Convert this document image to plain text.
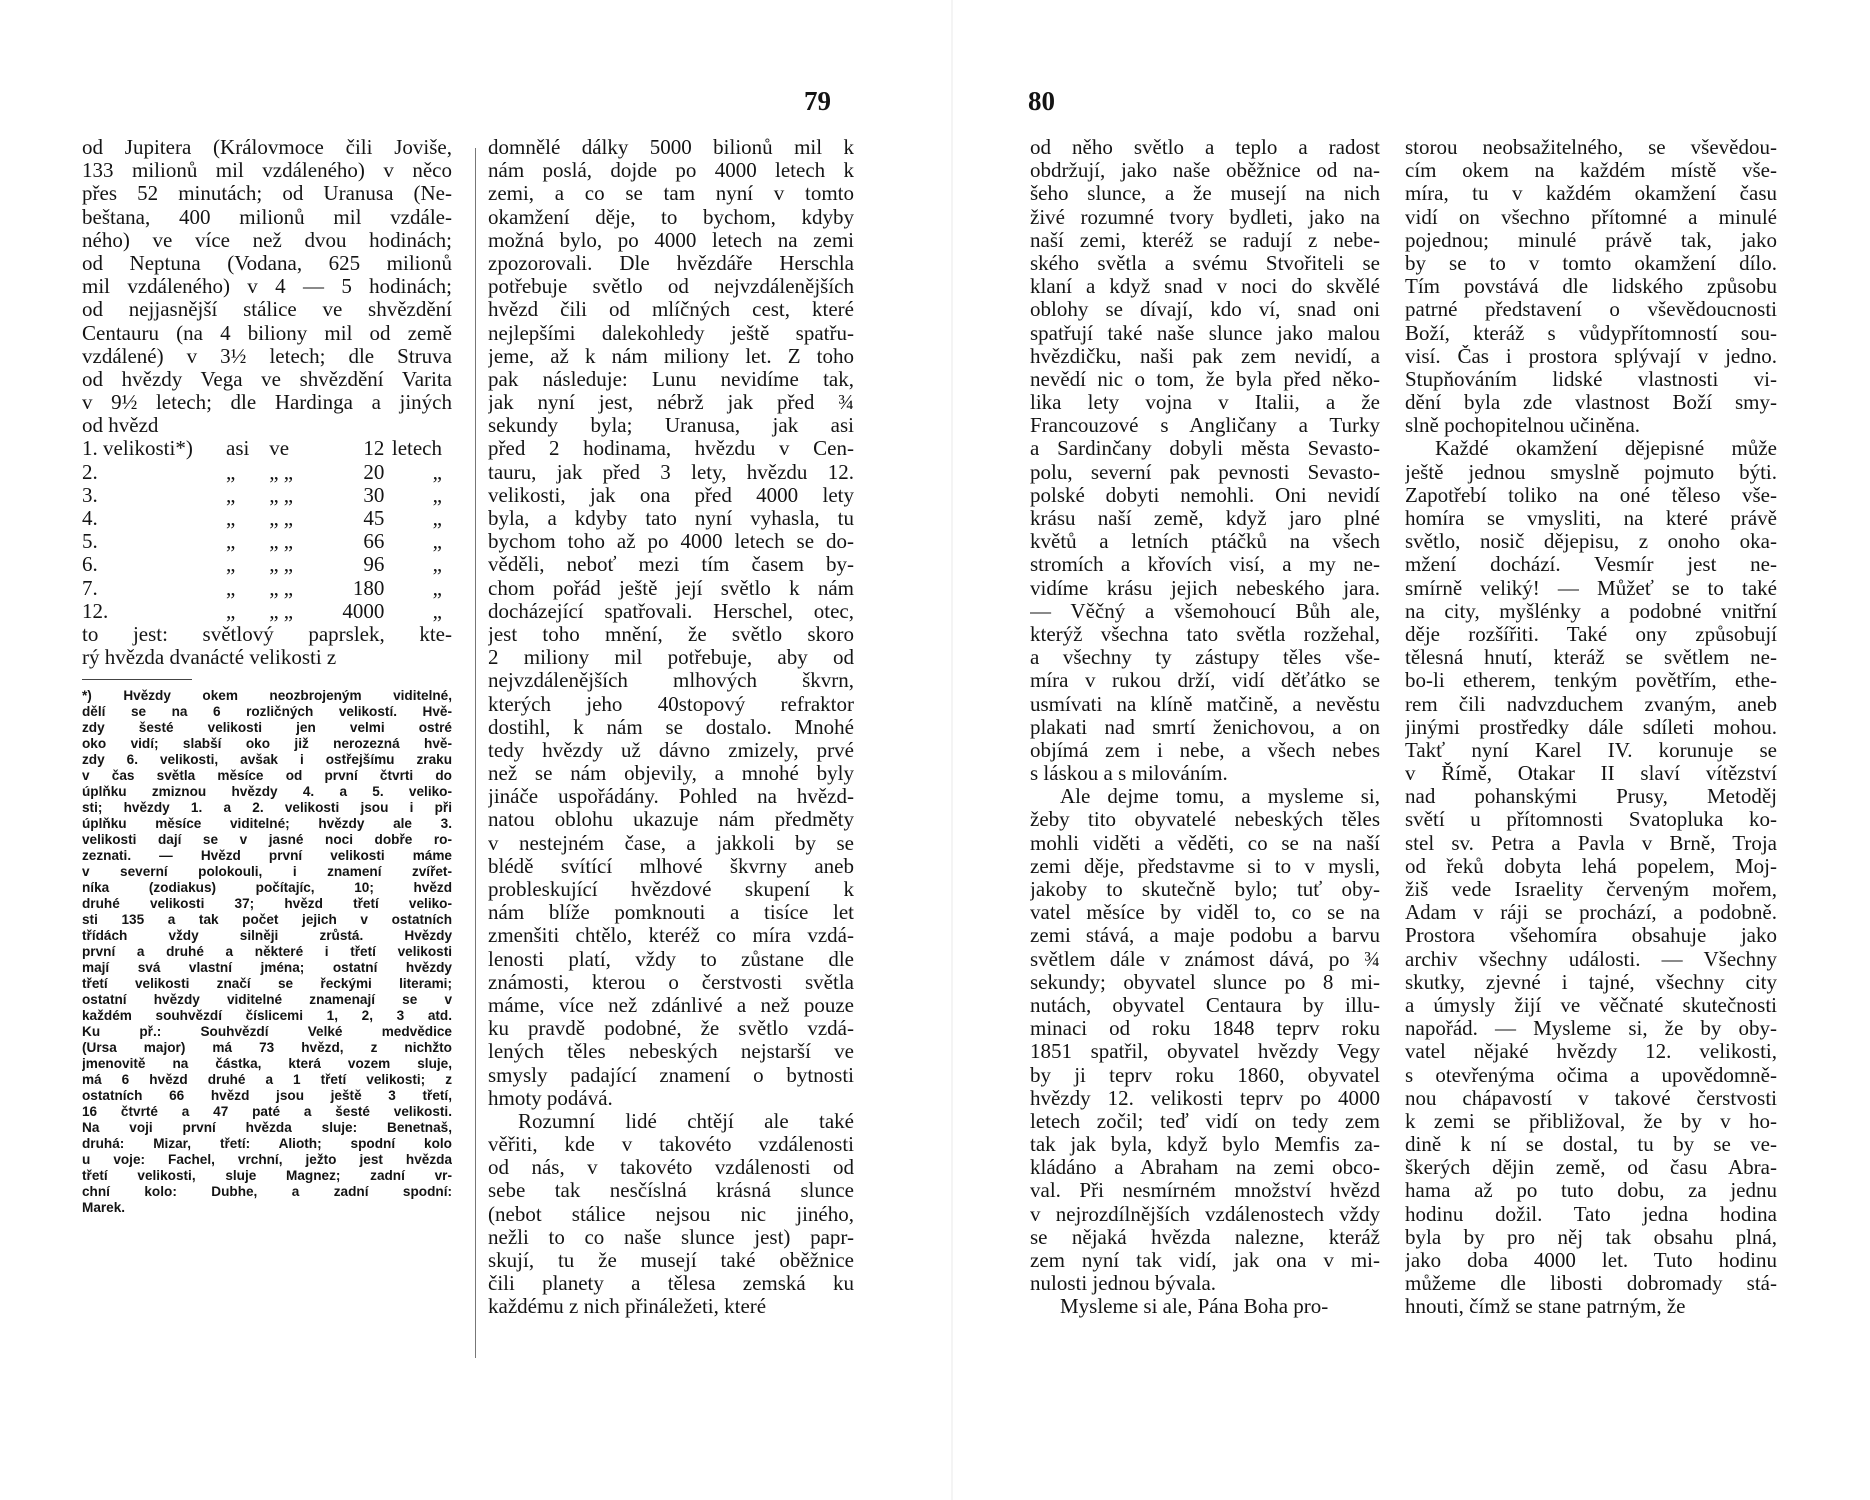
79
od Jupitera (Královmoce čili Joviše,
133 milionů mil vzdáleného) v něco
přes 52 minutách; od Uranusa (Ne-
beštana, 400 milionů mil vzdále-
ného) ve více než dvou hodinách;
od Neptuna (Vodana, 625 milionů
mil vzdáleného) v 4 — 5 hodinách;
od nejjasnější stálice ve shvězdění
Centauru (na 4 biliony mil od země
vzdálené) v 3½ letech; dle Struva
od hvězdy Vega ve shvězdění Varita
v 9½ letech; dle Hardinga a jiných
od hvězd
1. velikosti*)	asi	ve	12	letech
2.	„	„ „	20	„
3.	„	„ „	30	„
4.	„	„ „	45	„
5.	„	„ „	66	„
6.	„	„ „	96	„
7.	„	„ „	180	„
12.	„	„ „	4000	„
to jest: světlový paprslek, kte-
rý hvězda dvanácté velikosti z
*) Hvězdy okem neozbrojeným viditelné,
dělí se na 6 rozličných velikostí. Hvě-
zdy šesté velikosti jen velmi ostré
oko vidí; slabší oko již nerozezná hvě-
zdy 6. velikosti, avšak i ostřejšímu zraku
v čas světla měsíce od první čtvrti do
úplňku zmiznou hvězdy 4. a 5. veliko-
sti; hvězdy 1. a 2. velikosti jsou i při
úplňku měsíce viditelné; hvězdy ale 3.
velikosti dají se v jasné noci dobře ro-
zeznati. — Hvězd první velikosti máme
v severní polokouli, i znamení zvířet-
níka (zodiakus) počítajíc, 10; hvězd
druhé velikosti 37; hvězd třetí veliko-
sti 135 a tak počet jejich v ostatních
třídách vždy silněji zrůstá. Hvězdy
první a druhé a některé i třetí velikosti
mají svá vlastní jména; ostatní hvězdy
třetí velikosti značí se řeckými literami;
ostatní hvězdy viditelné znamenají se v
každém souhvězdí číslicemi 1, 2, 3 atd.
Ku př.: Souhvězdí Velké medvědice
(Ursa major) má 73 hvězd, z nichžto
jmenovitě na částka, která vozem sluje,
má 6 hvězd druhé a 1 třetí velikosti; z
ostatních 66 hvězd jsou ještě 3 třetí,
16 čtvrté a 47 paté a šesté velikosti.
Na voji první hvězda sluje: Benetnaš,
druhá: Mizar, třetí: Alioth; spodní kolo
u voje: Fachel, vrchní, ježto jest hvězda
třetí velikosti, sluje Magnez; zadní vr-
chní kolo: Dubhe, a zadní spodní:
Marek.
domnělé dálky 5000 bilionů mil k
nám poslá, dojde po 4000 letech k
zemi, a co se tam nyní v tomto
okamžení děje, to bychom, kdyby
možná bylo, po 4000 letech na zemi
zpozorovali. Dle hvězdáře Herschla
potřebuje světlo od nejvzdálenějších
hvězd čili od mlíčných cest, které
nejlepšími dalekohledy ještě spatřu-
jeme, až k nám miliony let. Z toho
pak následuje: Lunu nevidíme tak,
jak nyní jest, nébrž jak před ¾
sekundy byla; Uranusa, jak asi
před 2 hodinama, hvězdu v Cen-
tauru, jak před 3 lety, hvězdu 12.
velikosti, jak ona před 4000 lety
byla, a kdyby tato nyní vyhasla, tu
bychom toho až po 4000 letech se do-
věděli, neboť mezi tím časem by-
chom pořád ještě její světlo k nám
docházející spatřovali. Herschel, otec,
jest toho mnění, že světlo skoro
2 miliony mil potřebuje, aby od
nejvzdálenějších mlhových škvrn,
kterých jeho 40stopový refraktor
dostihl, k nám se dostalo. Mnohé
tedy hvězdy už dávno zmizely, prvé
než se nám objevily, a mnohé byly
jináče uspořádány. Pohled na hvězd-
natou oblohu ukazuje nám předměty
v nestejném čase, a jakkoli by se
blédě svítící mlhové škvrny aneb
probleskující hvězdové skupení k
nám blíže pomknouti a tisíce let
zmenšiti chtělo, kteréž co míra vzdá-
lenosti platí, vždy to zůstane dle
známosti, kterou o čerstvosti světla
máme, více než zdánlivé a než pouze
ku pravdě podobné, že světlo vzdá-
lených těles nebeských nejstarší ve
smysly padající znamení o bytnosti
hmoty podává.
Rozumní lidé chtějí ale také
věřiti, kde v takovéto vzdálenosti
od nás, v takovéto vzdálenosti od
sebe tak nesčíslná krásná slunce
(nebot stálice nejsou nic jiného,
nežli to co naše slunce jest) papr-
skují, tu že musejí také oběžnice
čili planety a tělesa zemská ku
každému z nich přináležeti, které
80
od něho světlo a teplo a radost
obdržují, jako naše oběžnice od na-
šeho slunce, a že musejí na nich
živé rozumné tvory bydleti, jako na
naší zemi, kteréž se radují z nebe-
ského světla a svému Stvořiteli se
klaní a když snad v noci do skvělé
oblohy se dívají, kdo ví, snad oni
spatřují také naše slunce jako malou
hvězdičku, naši pak zem nevidí, a
nevědí nic o tom, že byla před něko-
lika lety vojna v Italii, a že
Francouzové s Angličany a Turky
a Sardinčany dobyli města Sevasto-
polu, severní pak pevnosti Sevasto-
polské dobyti nemohli. Oni nevidí
krásu naší země, když jaro plné
květů a letních ptáčků na všech
stromích a křovích visí, a my ne-
vidíme krásu jejich nebeského jara.
— Věčný a všemohoucí Bůh ale,
kterýž všechna tato světla rozžehal,
a všechny ty zástupy těles vše-
míra v rukou drží, vidí děťátko se
usmívati na klíně matčině, a nevěstu
plakati nad smrtí ženichovou, a on
objímá zem i nebe, a všech nebes
s láskou a s milováním.
Ale dejme tomu, a mysleme si,
žeby tito obyvatelé nebeských těles
mohli viděti a věděti, co se na naší
zemi děje, představme si to v mysli,
jakoby to skutečně bylo; tuť oby-
vatel měsíce by viděl to, co se na
zemi stává, a maje podobu a barvu
světlem dále v známost dává, po ¾
sekundy; obyvatel slunce po 8 mi-
nutách, obyvatel Centaura by illu-
minaci od roku 1848 teprv roku
1851 spatřil, obyvatel hvězdy Vegy
by ji teprv roku 1860, obyvatel
hvězdy 12. velikosti teprv po 4000
letech zočil; teď vidí on tedy zem
tak jak byla, když bylo Memfis za-
kládáno a Abraham na zemi obco-
val. Při nesmírném množství hvězd
v nejrozdílnějších vzdálenostech vždy
se nějaká hvězda nalezne, kteráž
zem nyní tak vidí, jak ona v mi-
nulosti jednou bývala.
Mysleme si ale, Pána Boha pro-
storou neobsažitelného, se vševědou-
cím okem na každém místě vše-
míra, tu v každém okamžení času
vidí on všechno přítomné a minulé
pojednou; minulé právě tak, jako
by se to v tomto okamžení dílo.
Tím povstává dle lidského způsobu
patrné představení o vševědoucnosti
Boží, kteráž s vůdypřítomností sou-
visí. Čas i prostora splývají v jedno.
Stupňováním lidské vlastnosti vi-
dění byla zde vlastnost Boží smy-
slně pochopitelnou učiněna.
Každé okamžení dějepisné může
ještě jednou smyslně pojmuto býti.
Zapotřebí toliko na oné těleso vše-
homíra se vmysliti, na které právě
světlo, nosič dějepisu, z onoho oka-
mžení dochází. Vesmír jest ne-
smírně veliký! — Můžeť se to také
na city, myšlénky a podobné vnitřní
děje rozšířiti. Také ony způsobují
tělesná hnutí, kteráž se světlem ne-
bo-li etherem, tenkým povětřím, ethe-
rem čili nadvzduchem zvaným, aneb
jinými prostředky dále sdíleti mohou.
Takť nyní Karel IV. korunuje se
v Římě, Otakar II slaví vítězství
nad pohanskými Prusy, Metoděj
světí u přítomnosti Svatopluka ko-
stel sv. Petra a Pavla v Brně, Troja
od řeků dobyta lehá popelem, Moj-
žiš vede Israelity červeným mořem,
Adam v ráji se prochází, a podobně.
Prostora všehomíra obsahuje jako
archiv všechny události. — Všechny
skutky, zjevné i tajné, všechny city
a úmysly žijí ve věčnaté skutečnosti
napořád. — Mysleme si, že by oby-
vatel nějaké hvězdy 12. velikosti,
s otevřenýma očima a upovědomně-
nou chápavostí v takové čerstvosti
k zemi se přibližoval, že by v ho-
dině k ní se dostal, tu by se ve-
škerých dějin země, od času Abra-
hama až po tuto dobu, za jednu
hodinu dožil. Tato jedna hodina
byla by pro něj tak obsahu plná,
jako doba 4000 let. Tuto hodinu
můžeme dle libosti dobromady stá-
hnouti, čímž se stane patrným, že
